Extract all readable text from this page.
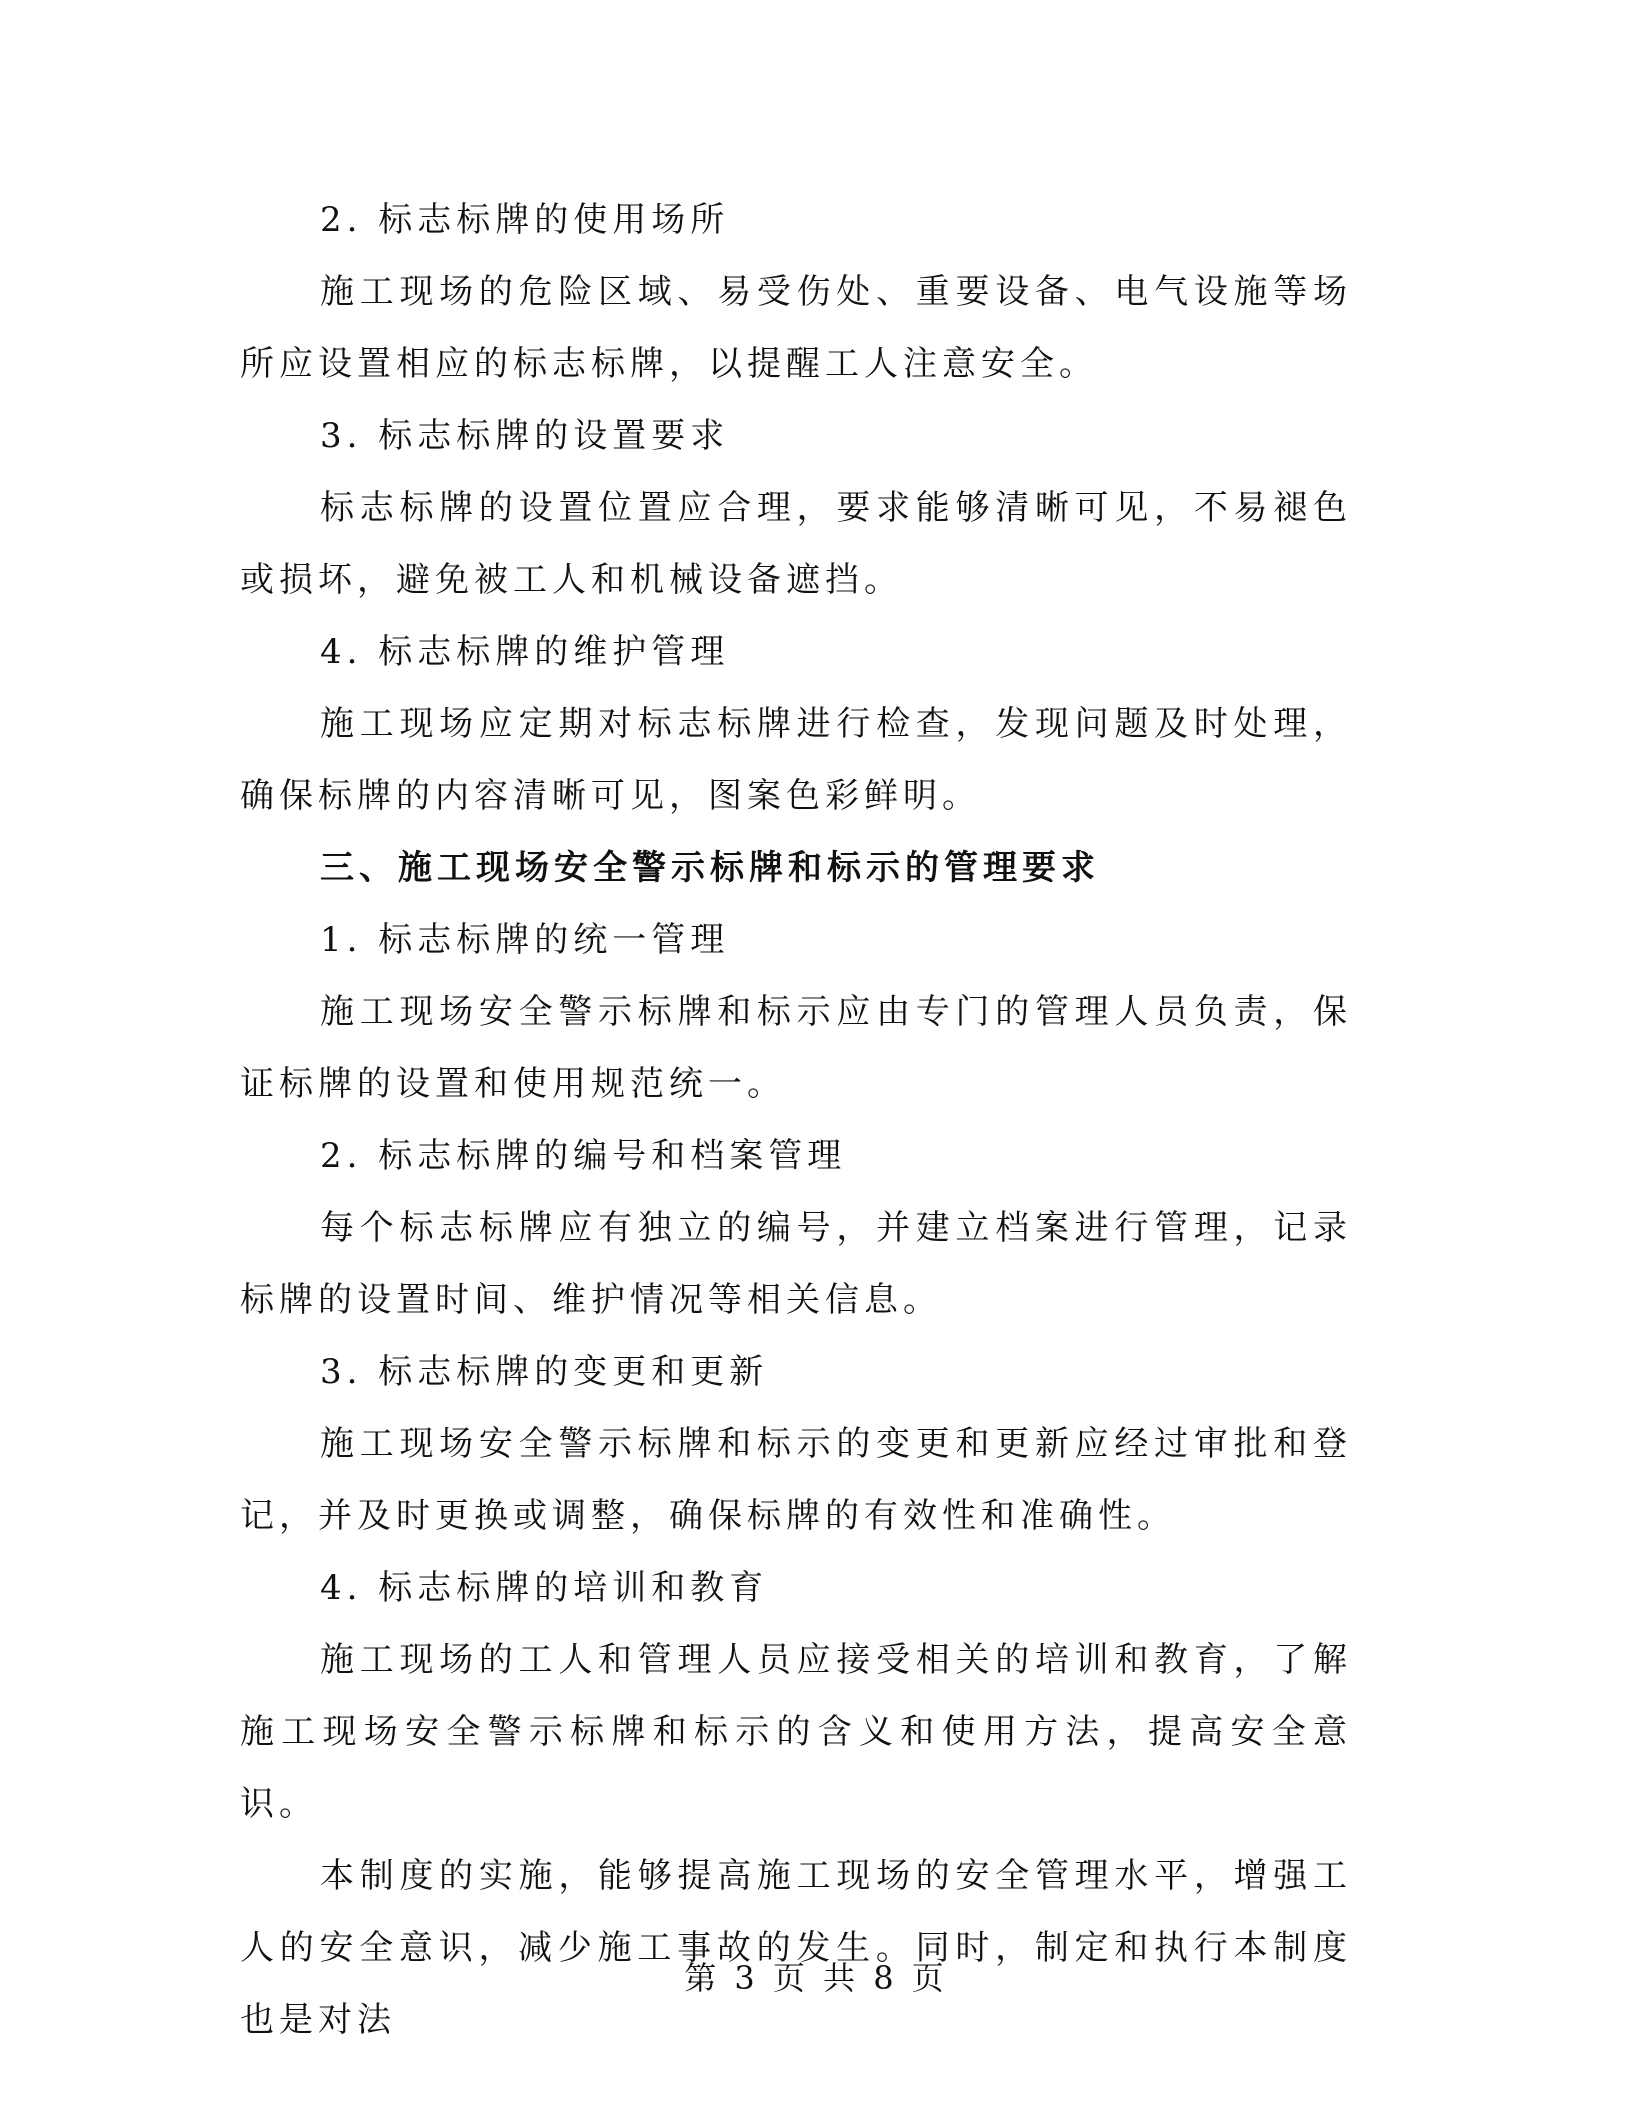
2. 标志标牌的使用场所

施工现场的危险区域、易受伤处、重要设备、电气设施等场所应设置相应的标志标牌，以提醒工人注意安全。

3. 标志标牌的设置要求

标志标牌的设置位置应合理，要求能够清晰可见，不易褪色或损坏，避免被工人和机械设备遮挡。

4. 标志标牌的维护管理

施工现场应定期对标志标牌进行检查，发现问题及时处理，确保标牌的内容清晰可见，图案色彩鲜明。

三、施工现场安全警示标牌和标示的管理要求

1. 标志标牌的统一管理

施工现场安全警示标牌和标示应由专门的管理人员负责，保证标牌的设置和使用规范统一。

2. 标志标牌的编号和档案管理

每个标志标牌应有独立的编号，并建立档案进行管理，记录标牌的设置时间、维护情况等相关信息。

3. 标志标牌的变更和更新

施工现场安全警示标牌和标示的变更和更新应经过审批和登记，并及时更换或调整，确保标牌的有效性和准确性。

4. 标志标牌的培训和教育

施工现场的工人和管理人员应接受相关的培训和教育，了解施工现场安全警示标牌和标示的含义和使用方法，提高安全意识。

本制度的实施，能够提高施工现场的安全管理水平，增强工人的安全意识，减少施工事故的发生。同时，制定和执行本制度也是对法

第 3 页 共 8 页
